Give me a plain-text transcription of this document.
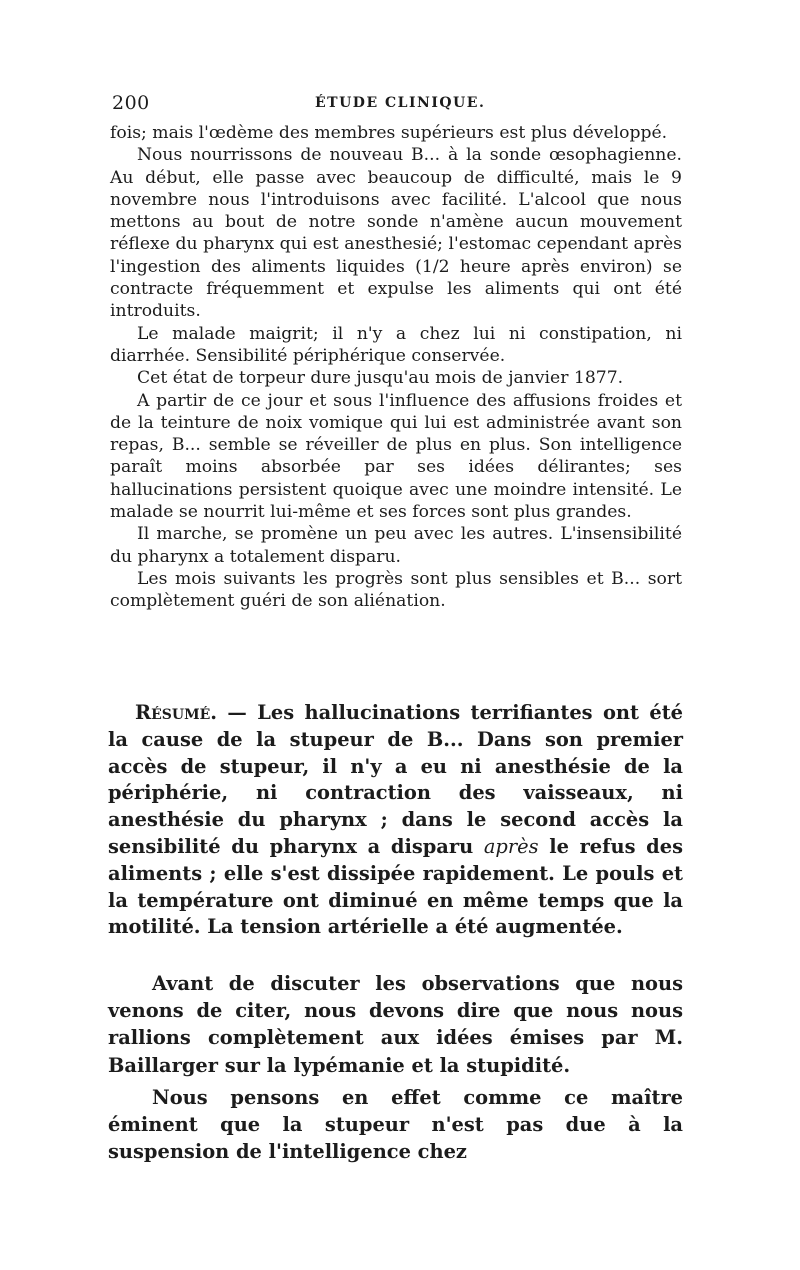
200	ÉTUDE CLINIQUE.

fois; mais l'œdème des membres supérieurs est plus développé.

Nous nourrissons de nouveau B... à la sonde œsophagienne. Au début, elle passe avec beaucoup de difficulté, mais le 9 novembre nous l'introduisons avec facilité. L'alcool que nous mettons au bout de notre sonde n'amène aucun mouvement réflexe du pharynx qui est anesthesié; l'estomac cependant après l'ingestion des aliments liquides (1/2 heure après environ) se contracte fréquemment et expulse les aliments qui ont été introduits.

Le malade maigrit; il n'y a chez lui ni constipation, ni diarrhée. Sensibilité périphérique conservée.

Cet état de torpeur dure jusqu'au mois de janvier 1877.

A partir de ce jour et sous l'influence des affusions froides et de la teinture de noix vomique qui lui est administrée avant son repas, B... semble se réveiller de plus en plus. Son intelligence paraît moins absorbée par ses idées délirantes; ses hallucinations persistent quoique avec une moindre intensité. Le malade se nourrit lui-même et ses forces sont plus grandes.

Il marche, se promène un peu avec les autres. L'insensibilité du pharynx a totalement disparu.

Les mois suivants les progrès sont plus sensibles et B... sort complètement guéri de son aliénation.

Résumé. — Les hallucinations terrifiantes ont été la cause de la stupeur de B... Dans son premier accès de stupeur, il n'y a eu ni anesthésie de la périphérie, ni contraction des vaisseaux, ni anesthésie du pharynx ; dans le second accès la sensibilité du pharynx a disparu après le refus des aliments ; elle s'est dissipée rapidement. Le pouls et la température ont diminué en même temps que la motilité. La tension artérielle a été augmentée.

Avant de discuter les observations que nous venons de citer, nous devons dire que nous nous rallions complètement aux idées émises par M. Baillarger sur la lypémanie et la stupidité.

Nous pensons en effet comme ce maître éminent que la stupeur n'est pas due à la suspension de l'intelligence chez
